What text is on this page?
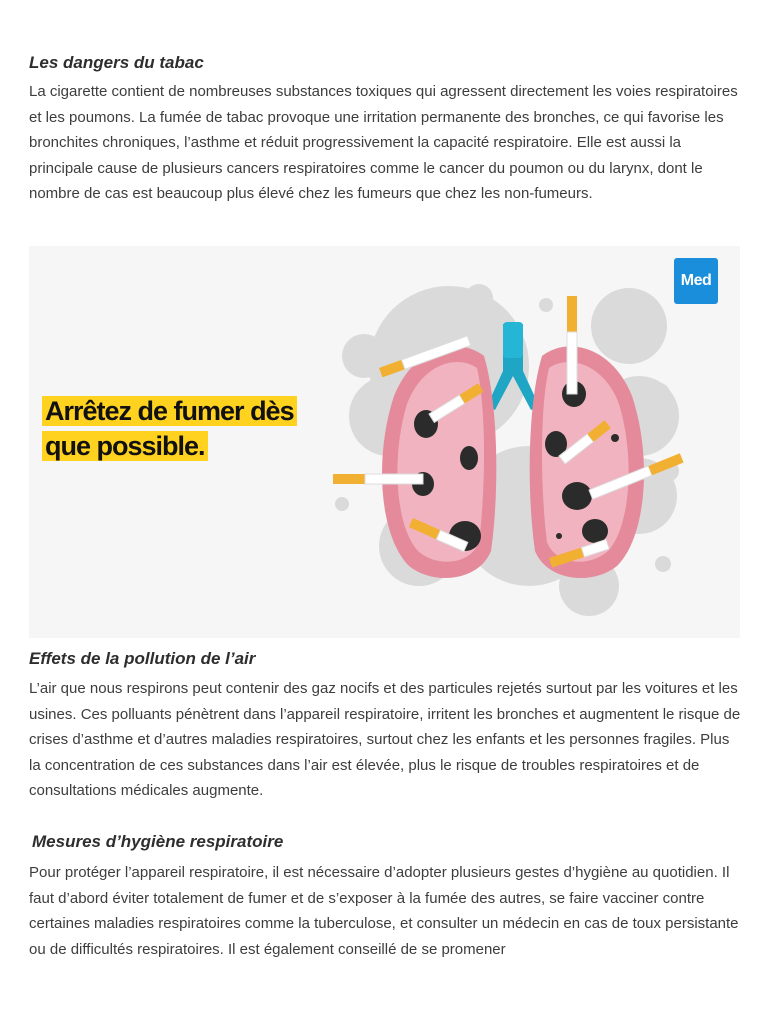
Les dangers du tabac

La cigarette contient de nombreuses substances toxiques qui agressent directement les voies respiratoires et les poumons. La fumée de tabac provoque une irritation permanente des bronches, ce qui favorise les bronchites chroniques, l’asthme et réduit progressivement la capacité respiratoire. Elle est aussi la principale cause de plusieurs cancers respiratoires comme le cancer du poumon ou du larynx, dont le nombre de cas est beaucoup plus élevé chez les fumeurs que chez les non-fumeurs.

Arrêtez de fumer dès
que possible.
Med
Effets de la pollution de l’air

L’air que nous respirons peut contenir des gaz nocifs et des particules rejetés surtout par les voitures et les usines. Ces polluants pénètrent dans l’appareil respiratoire, irritent les bronches et augmentent le risque de crises d’asthme et d’autres maladies respiratoires, surtout chez les enfants et les personnes fragiles. Plus la concentration de ces substances dans l’air est élevée, plus le risque de troubles respiratoires et de consultations médicales augmente.

Mesures d’hygiène respiratoire

Pour protéger l’appareil respiratoire, il est nécessaire d’adopter plusieurs gestes d’hygiène au quotidien. Il faut d’abord éviter totalement de fumer et de s’exposer à la fumée des autres, se faire vacciner contre certaines maladies respiratoires comme la tuberculose, et consulter un médecin en cas de toux persistante ou de difficultés respiratoires. Il est également conseillé de se promener
